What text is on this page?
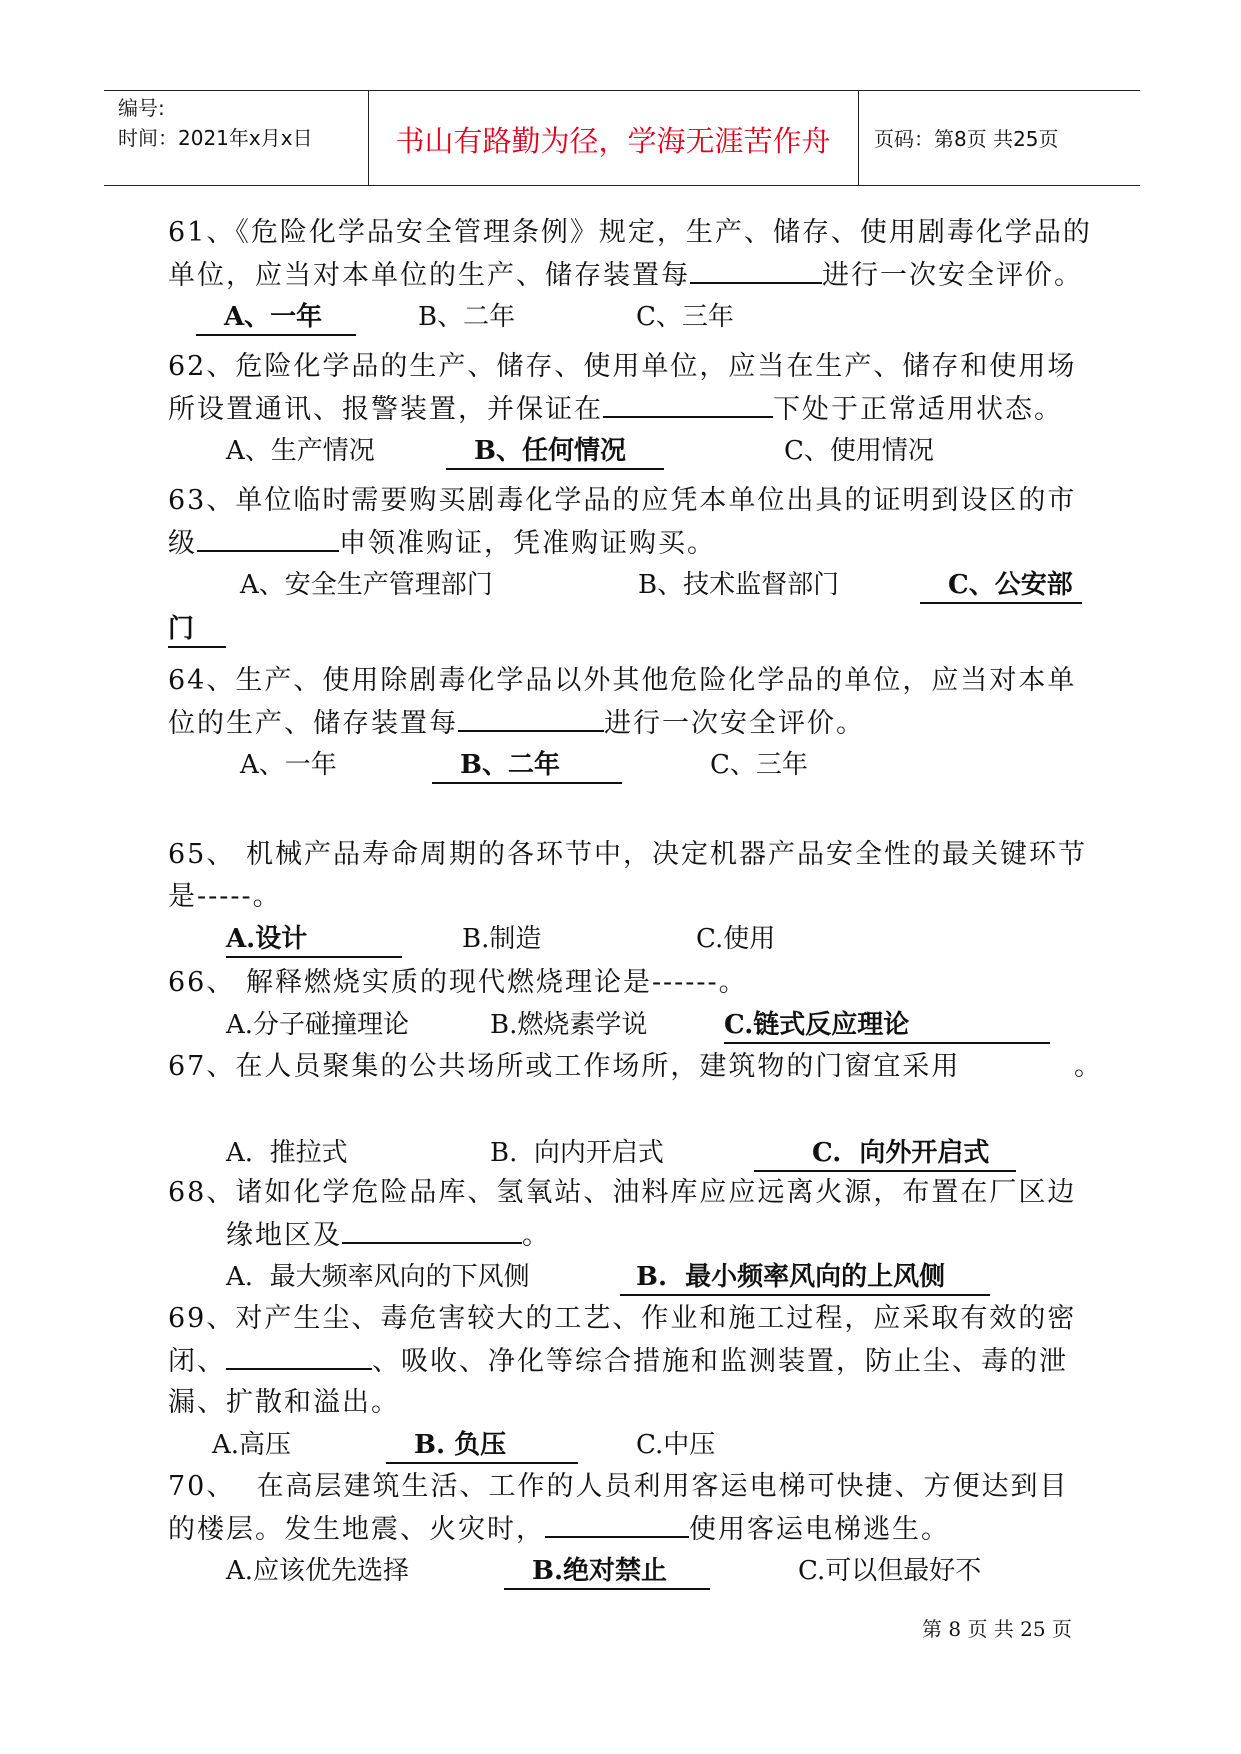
编号:
时间：2021年x月x日	书山有路勤为径，学海无涯苦作舟	页码：第8页 共25页
61、《危险化学品安全管理条例》规定，生产、储存、使用剧毒化学品的
单位，应当对本单位的生产、储存装置每	进行一次安全评价。
A、一年	B、二年	C、三年
62、危险化学品的生产、储存、使用单位，应当在生产、储存和使用场
所设置通讯、报警装置，并保证在	下处于正常适用状态。
A、生产情况	B、任何情况	C、使用情况
63、单位临时需要购买剧毒化学品的应凭本单位出具的证明到设区的市
级	申领准购证，凭准购证购买。
A、安全生产管理部门	B、技术监督部门	C、公安部
门
64、生产、使用除剧毒化学品以外其他危险化学品的单位，应当对本单
位的生产、储存装置每	进行一次安全评价。
A、一年	B、二年	C、三年
65、 机械产品寿命周期的各环节中，决定机器产品安全性的最关键环节
是-----。
A.设计	B.制造	C.使用
66、 解释燃烧实质的现代燃烧理论是------。
A.分子碰撞理论	B.燃烧素学说	C.链式反应理论
67、在人员聚集的公共场所或工作场所，建筑物的门窗宜采用	。
A.  推拉式	B.  向内开启式	C.  向外开启式
68、诸如化学危险品库、氢氧站、油料库应应远离火源，布置在厂区边
缘地区及	。
A.  最大频率风向的下风侧	B.  最小频率风向的上风侧
69、对产生尘、毒危害较大的工艺、作业和施工过程，应采取有效的密
闭、	、吸收、净化等综合措施和监测装置，防止尘、毒的泄
漏、扩散和溢出。
A.高压	B. 负压	C.中压
70、  在高层建筑生活、工作的人员利用客运电梯可快捷、方便达到目
的楼层。发生地震、火灾时，	使用客运电梯逃生。
A.应该优先选择	B.绝对禁止	C.可以但最好不
第 8 页 共 25 页
